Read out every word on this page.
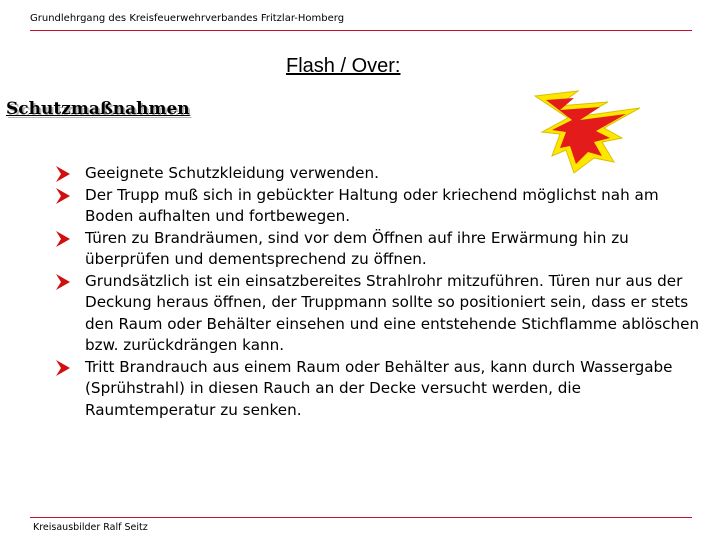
Grundlehrgang des Kreisfeuerwehrverbandes Fritzlar-Homberg
Flash / Over:
Schutzmaßnahmen
Geeignete Schutzkleidung verwenden.
Der Trupp muß sich in gebückter Haltung oder kriechend möglichst nah am Boden aufhalten und fortbewegen.
Türen zu Brandräumen, sind vor dem Öffnen auf ihre Erwärmung hin zu überprüfen und dementsprechend zu öffnen.
Grundsätzlich ist ein einsatzbereites Strahlrohr mitzuführen. Türen nur aus der Deckung heraus öffnen, der Truppmann sollte so positioniert sein, dass er stets den Raum oder Behälter einsehen und eine entstehende Stichflamme ablöschen bzw. zurückdrängen kann.
Tritt Brandrauch aus einem Raum oder Behälter aus, kann durch Wassergabe (Sprühstrahl) in diesen Rauch an der Decke versucht werden, die Raumtemperatur zu senken.
Kreisausbilder Ralf Seitz
